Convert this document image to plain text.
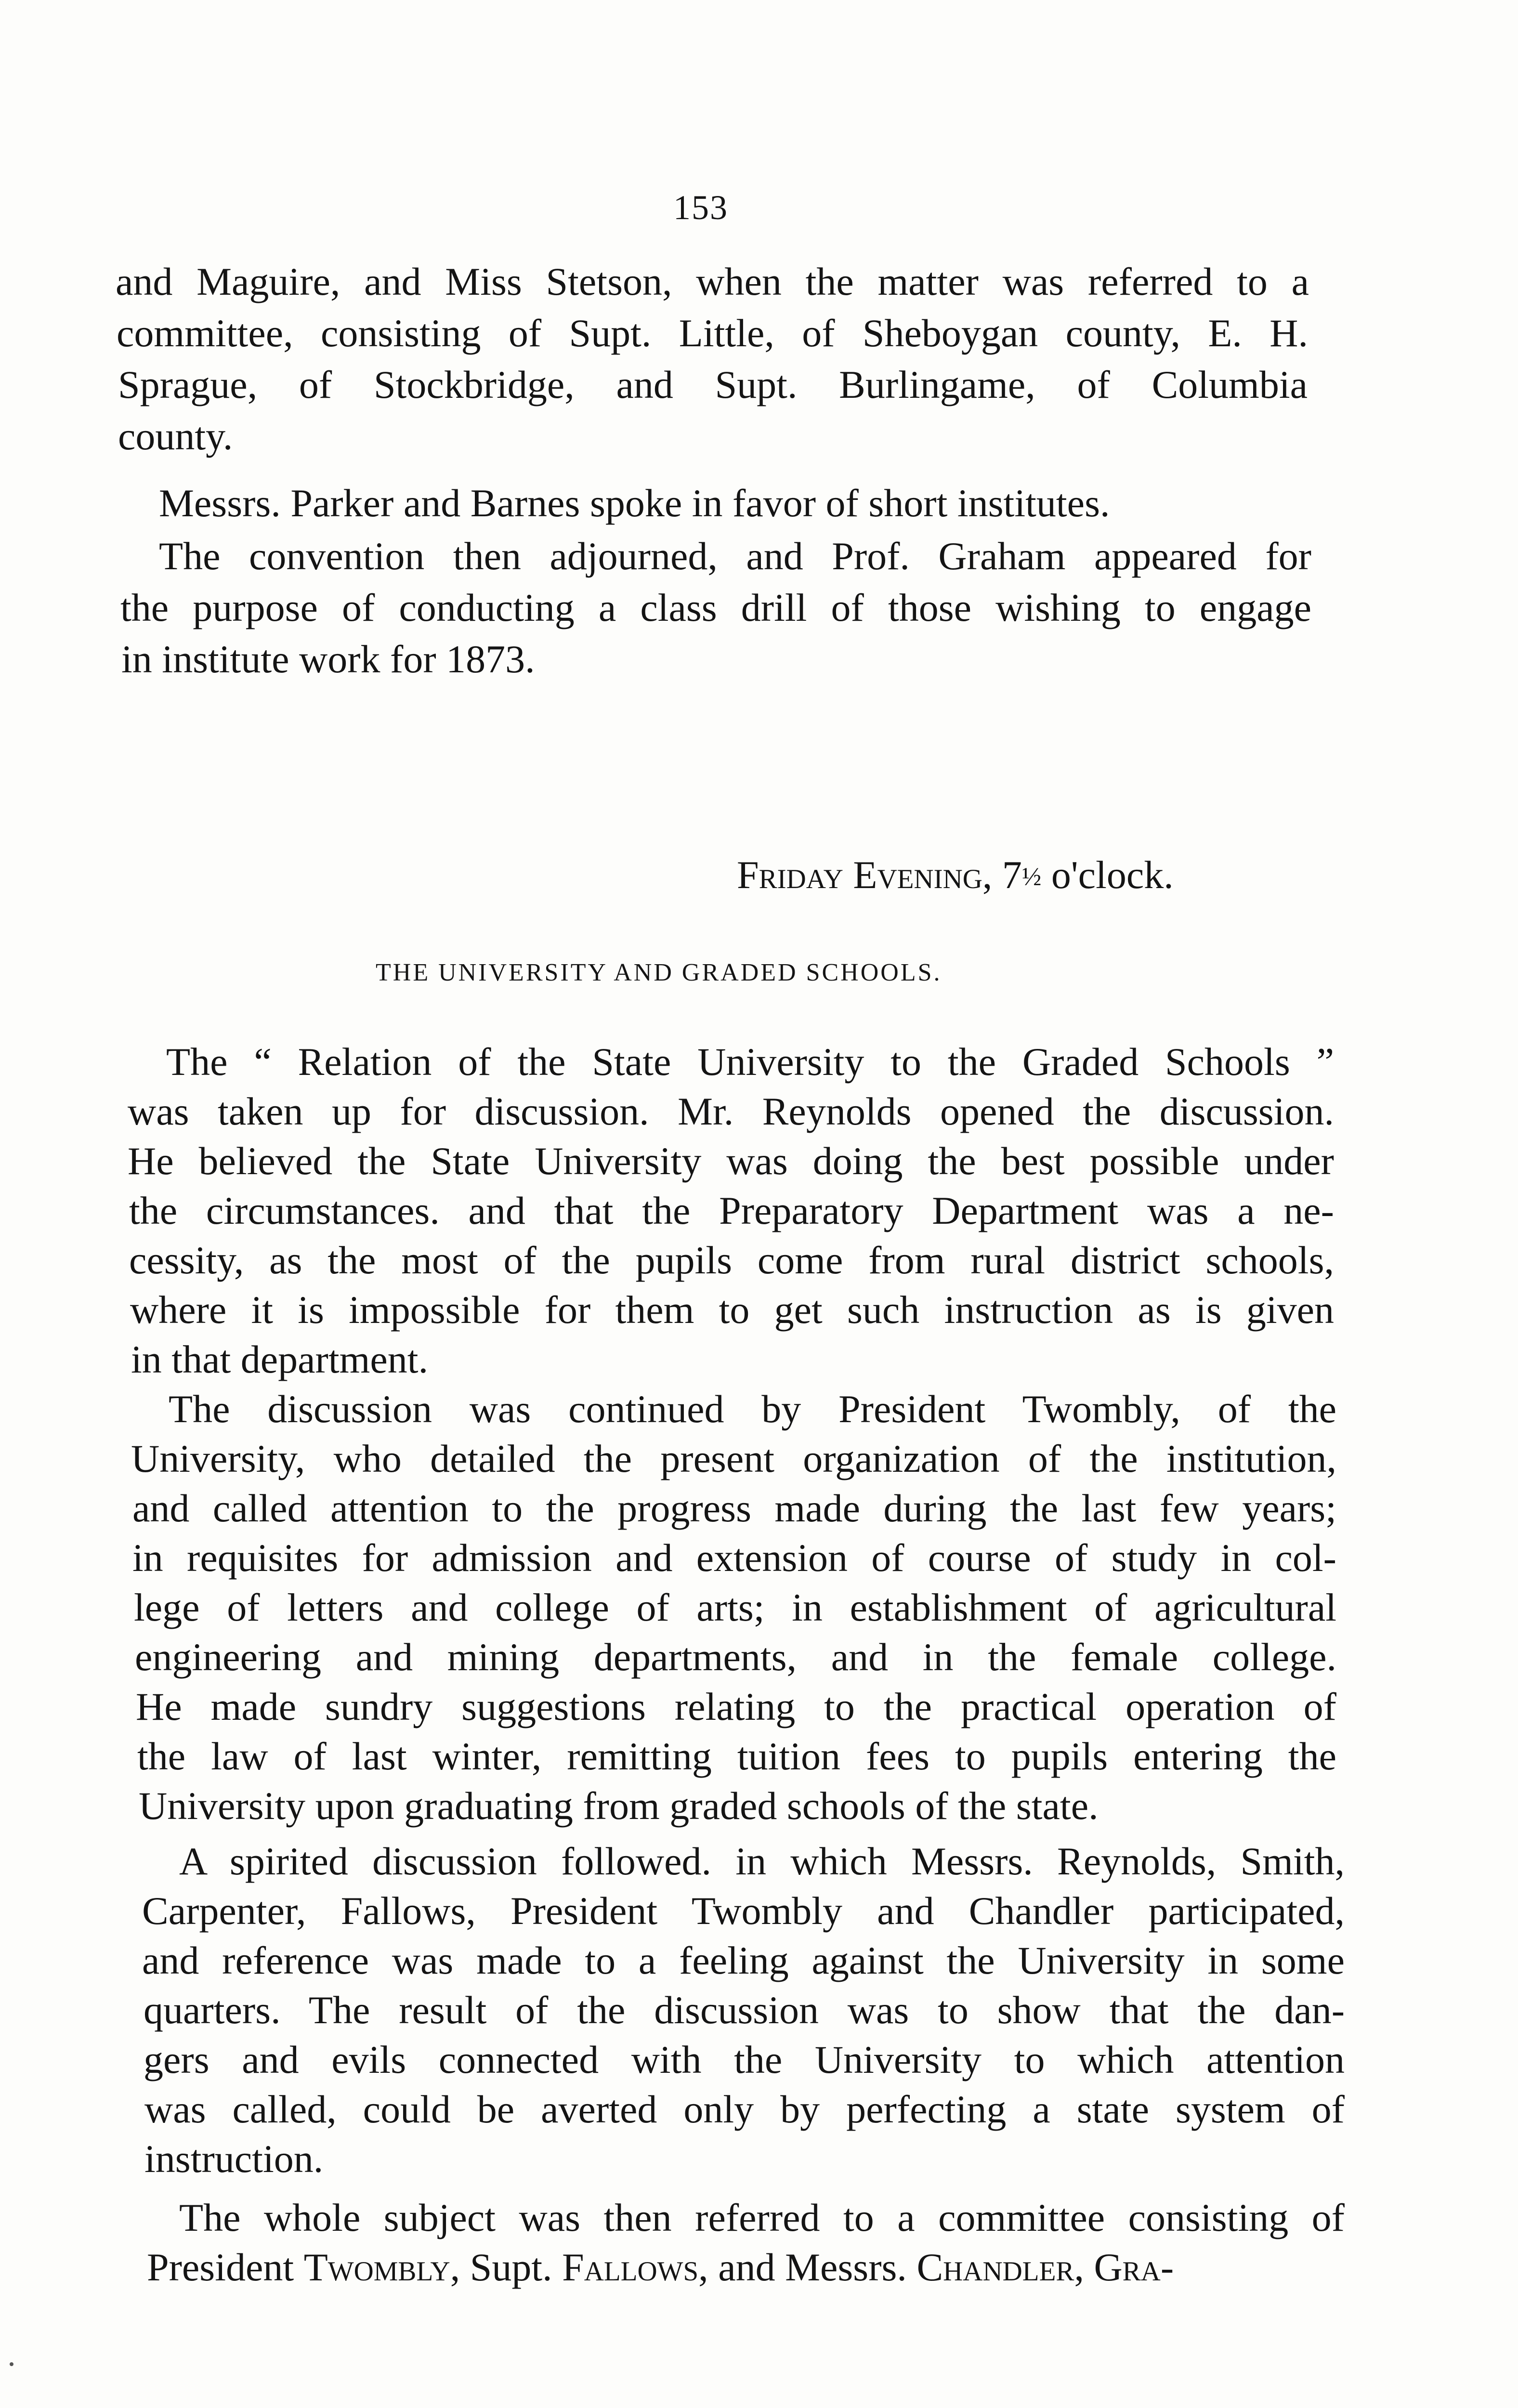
153
and Maguire, and Miss Stetson, when the matter was referred to a
committee, consisting of Supt. Little, of Sheboygan county, E. H.
Sprague, of Stockbridge, and Supt. Burlingame, of Columbia
county.
Messrs. Parker and Barnes spoke in favor of short institutes.
The convention then adjourned, and Prof. Graham appeared for
the purpose of conducting a class drill of those wishing to engage
in institute work for 1873.
Friday Evening, 7½ o'clock.
THE UNIVERSITY AND GRADED SCHOOLS.
The “ Relation of the State University to the Graded Schools ”
was taken up for discussion. Mr. Reynolds opened the discussion.
He believed the State University was doing the best possible under
the circumstances. and that the Preparatory Department was a ne-
cessity, as the most of the pupils come from rural district schools,
where it is impossible for them to get such instruction as is given
in that department.
The discussion was continued by President Twombly, of the
University, who detailed the present organization of the institution,
and called attention to the progress made during the last few years;
in requisites for admission and extension of course of study in col-
lege of letters and college of arts; in establishment of agricultural
engineering and mining departments, and in the female college.
He made sundry suggestions relating to the practical operation of
the law of last winter, remitting tuition fees to pupils entering the
University upon graduating from graded schools of the state.
A spirited discussion followed. in which Messrs. Reynolds, Smith,
Carpenter, Fallows, President Twombly and Chandler participated,
and reference was made to a feeling against the University in some
quarters. The result of the discussion was to show that the dan-
gers and evils connected with the University to which attention
was called, could be averted only by perfecting a state system of
instruction.
The whole subject was then referred to a committee consisting of
President Twombly, Supt. Fallows, and Messrs. Chandler, Gra-
